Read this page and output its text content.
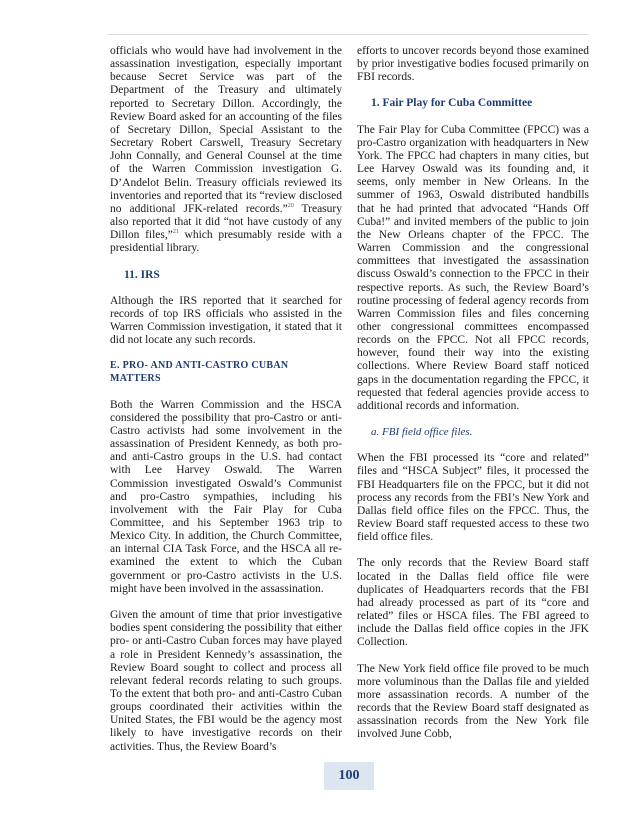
officials who would have had involvement in the assassination investigation, especially important because Secret Service was part of the Department of the Treasury and ultimately reported to Secretary Dillon. Accordingly, the Review Board asked for an accounting of the files of Secretary Dillon, Special Assistant to the Secretary Robert Carswell, Treasury Secretary John Connally, and General Counsel at the time of the Warren Commission investigation G. D’Andelot Belin. Treasury officials reviewed its inventories and reported that its “review disclosed no additional JFK-related records.”$^{20}$ Treasury also reported that it did “not have custody of any Dillon files,”$^{21}$ which presumably reside with a presidential library.

11. IRS

Although the IRS reported that it searched for records of top IRS officials who assisted in the Warren Commission investigation, it stated that it did not locate any such records.

E. PRO- AND ANTI-CASTRO CUBAN MATTERS

Both the Warren Commission and the HSCA considered the possibility that pro-Castro or anti-Castro activists had some involvement in the assassination of President Kennedy, as both pro- and anti-Castro groups in the U.S. had contact with Lee Harvey Oswald. The Warren Commission investigated Oswald’s Communist and pro-Castro sympathies, including his involvement with the Fair Play for Cuba Committee, and his September 1963 trip to Mexico City. In addition, the Church Committee, an internal CIA Task Force, and the HSCA all re-examined the extent to which the Cuban government or pro-Castro activists in the U.S. might have been involved in the assassination.

Given the amount of time that prior investigative bodies spent considering the possibility that either pro- or anti-Castro Cuban forces may have played a role in President Kennedy’s assassination, the Review Board sought to collect and process all relevant federal records relating to such groups. To the extent that both pro- and anti-Castro Cuban groups coordinated their activities within the United States, the FBI would be the agency most likely to have investigative records on their activities. Thus, the Review Board’s

efforts to uncover records beyond those examined by prior investigative bodies focused primarily on FBI records.

1. Fair Play for Cuba Committee

The Fair Play for Cuba Committee (FPCC) was a pro-Castro organization with headquarters in New York. The FPCC had chapters in many cities, but Lee Harvey Oswald was its founding and, it seems, only member in New Orleans. In the summer of 1963, Oswald distributed handbills that he had printed that advocated “Hands Off Cuba!” and invited members of the public to join the New Orleans chapter of the FPCC. The Warren Commission and the congressional committees that investigated the assassination discuss Oswald’s connection to the FPCC in their respective reports. As such, the Review Board’s routine processing of federal agency records from Warren Commission files and files concerning other congressional committees encompassed records on the FPCC. Not all FPCC records, however, found their way into the existing collections. Where Review Board staff noticed gaps in the documentation regarding the FPCC, it requested that federal agencies provide access to additional records and information.

a. FBI field office files.

When the FBI processed its “core and related” files and “HSCA Subject” files, it processed the FBI Headquarters file on the FPCC, but it did not process any records from the FBI’s New York and Dallas field office files on the FPCC. Thus, the Review Board staff requested access to these two field office files.

The only records that the Review Board staff located in the Dallas field office file were duplicates of Headquarters records that the FBI had already processed as part of its “core and related” files or HSCA files. The FBI agreed to include the Dallas field office copies in the JFK Collection.

The New York field office file proved to be much more voluminous than the Dallas file and yielded more assassination records. A number of the records that the Review Board staff designated as assassination records from the New York file involved June Cobb,

100
